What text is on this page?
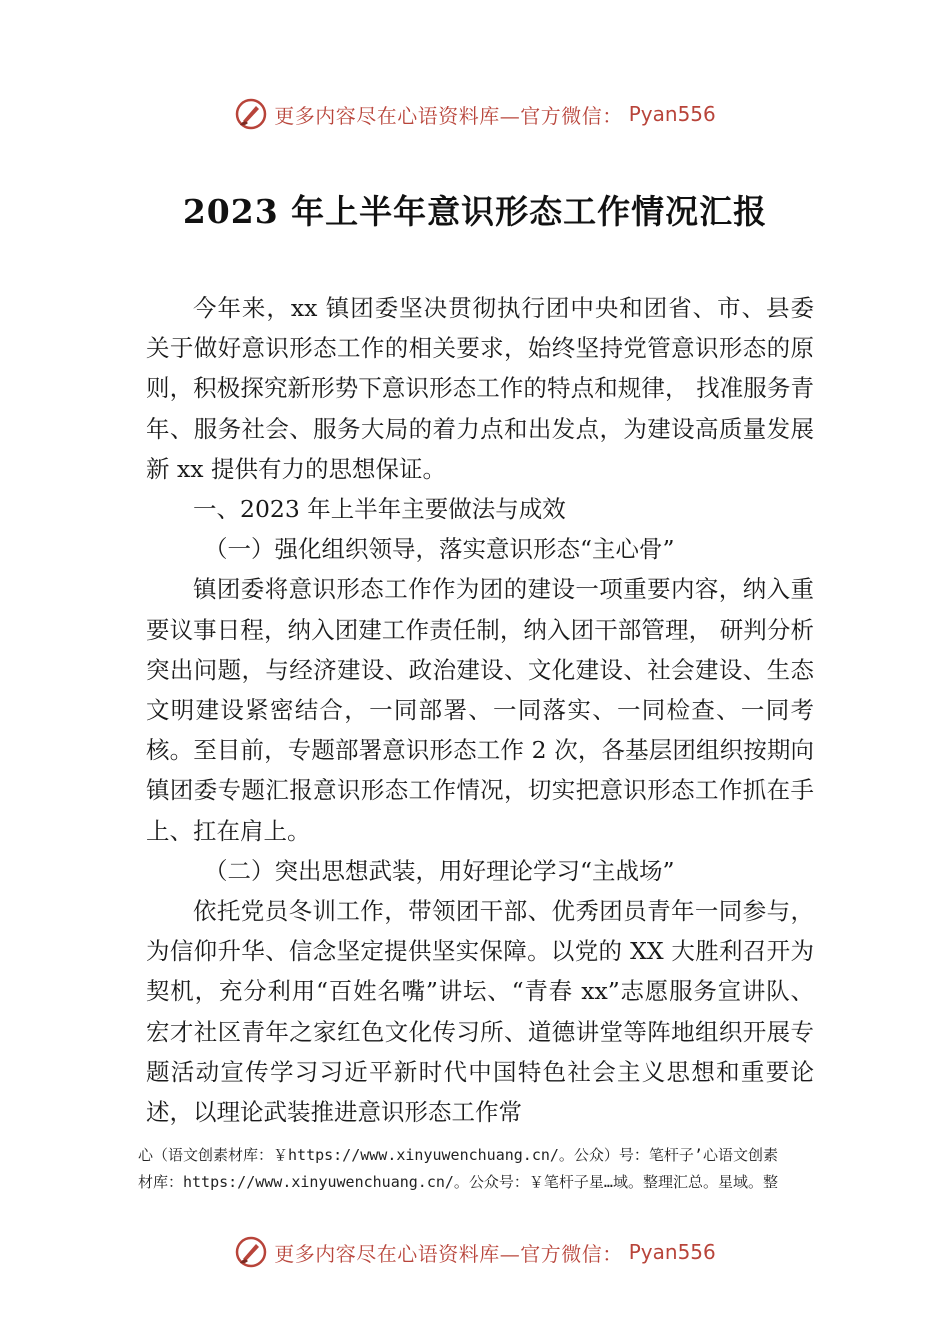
更多内容尽在心语资料库—官方微信： Pyan556
2023 年上半年意识形态工作情况汇报

今年来，xx 镇团委坚决贯彻执行团中央和团省、市、县委关于做好意识形态工作的相关要求，始终坚持党管意识形态的原则，积极探究新形势下意识形态工作的特点和规律， 找准服务青年、服务社会、服务大局的着力点和出发点，为建设高质量发展新 xx 提供有力的思想保证。

一、2023 年上半年主要做法与成效

（一）强化组织领导，落实意识形态“主心骨”

镇团委将意识形态工作作为团的建设一项重要内容，纳入重要议事日程，纳入团建工作责任制，纳入团干部管理， 研判分析突出问题，与经济建设、政治建设、文化建设、社会建设、生态文明建设紧密结合，一同部署、一同落实、一同检查、一同考核。至目前，专题部署意识形态工作 2 次，各基层团组织按期向镇团委专题汇报意识形态工作情况，切实把意识形态工作抓在手上、扛在肩上。

（二）突出思想武装，用好理论学习“主战场”

依托党员冬训工作，带领团干部、优秀团员青年一同参与，为信仰升华、信念坚定提供坚实保障。以党的 XX 大胜利召开为契机，充分利用“百姓名嘴”讲坛、“青春 xx”志愿服务宣讲队、宏才社区青年之家红色文化传习所、道德讲堂等阵地组织开展专题活动宣传学习习近平新时代中国特色社会主义思想和重要论述，以理论武装推进意识形态工作常

心（语文创素材库：￥https://www.xinyuwenchuang.cn/。公众）号：笔杆子’心语文创素
材库：https://www.xinyuwenchuang.cn/。公众号：￥笔杆子星…域。整理汇总。星域。整
更多内容尽在心语资料库—官方微信： Pyan556
